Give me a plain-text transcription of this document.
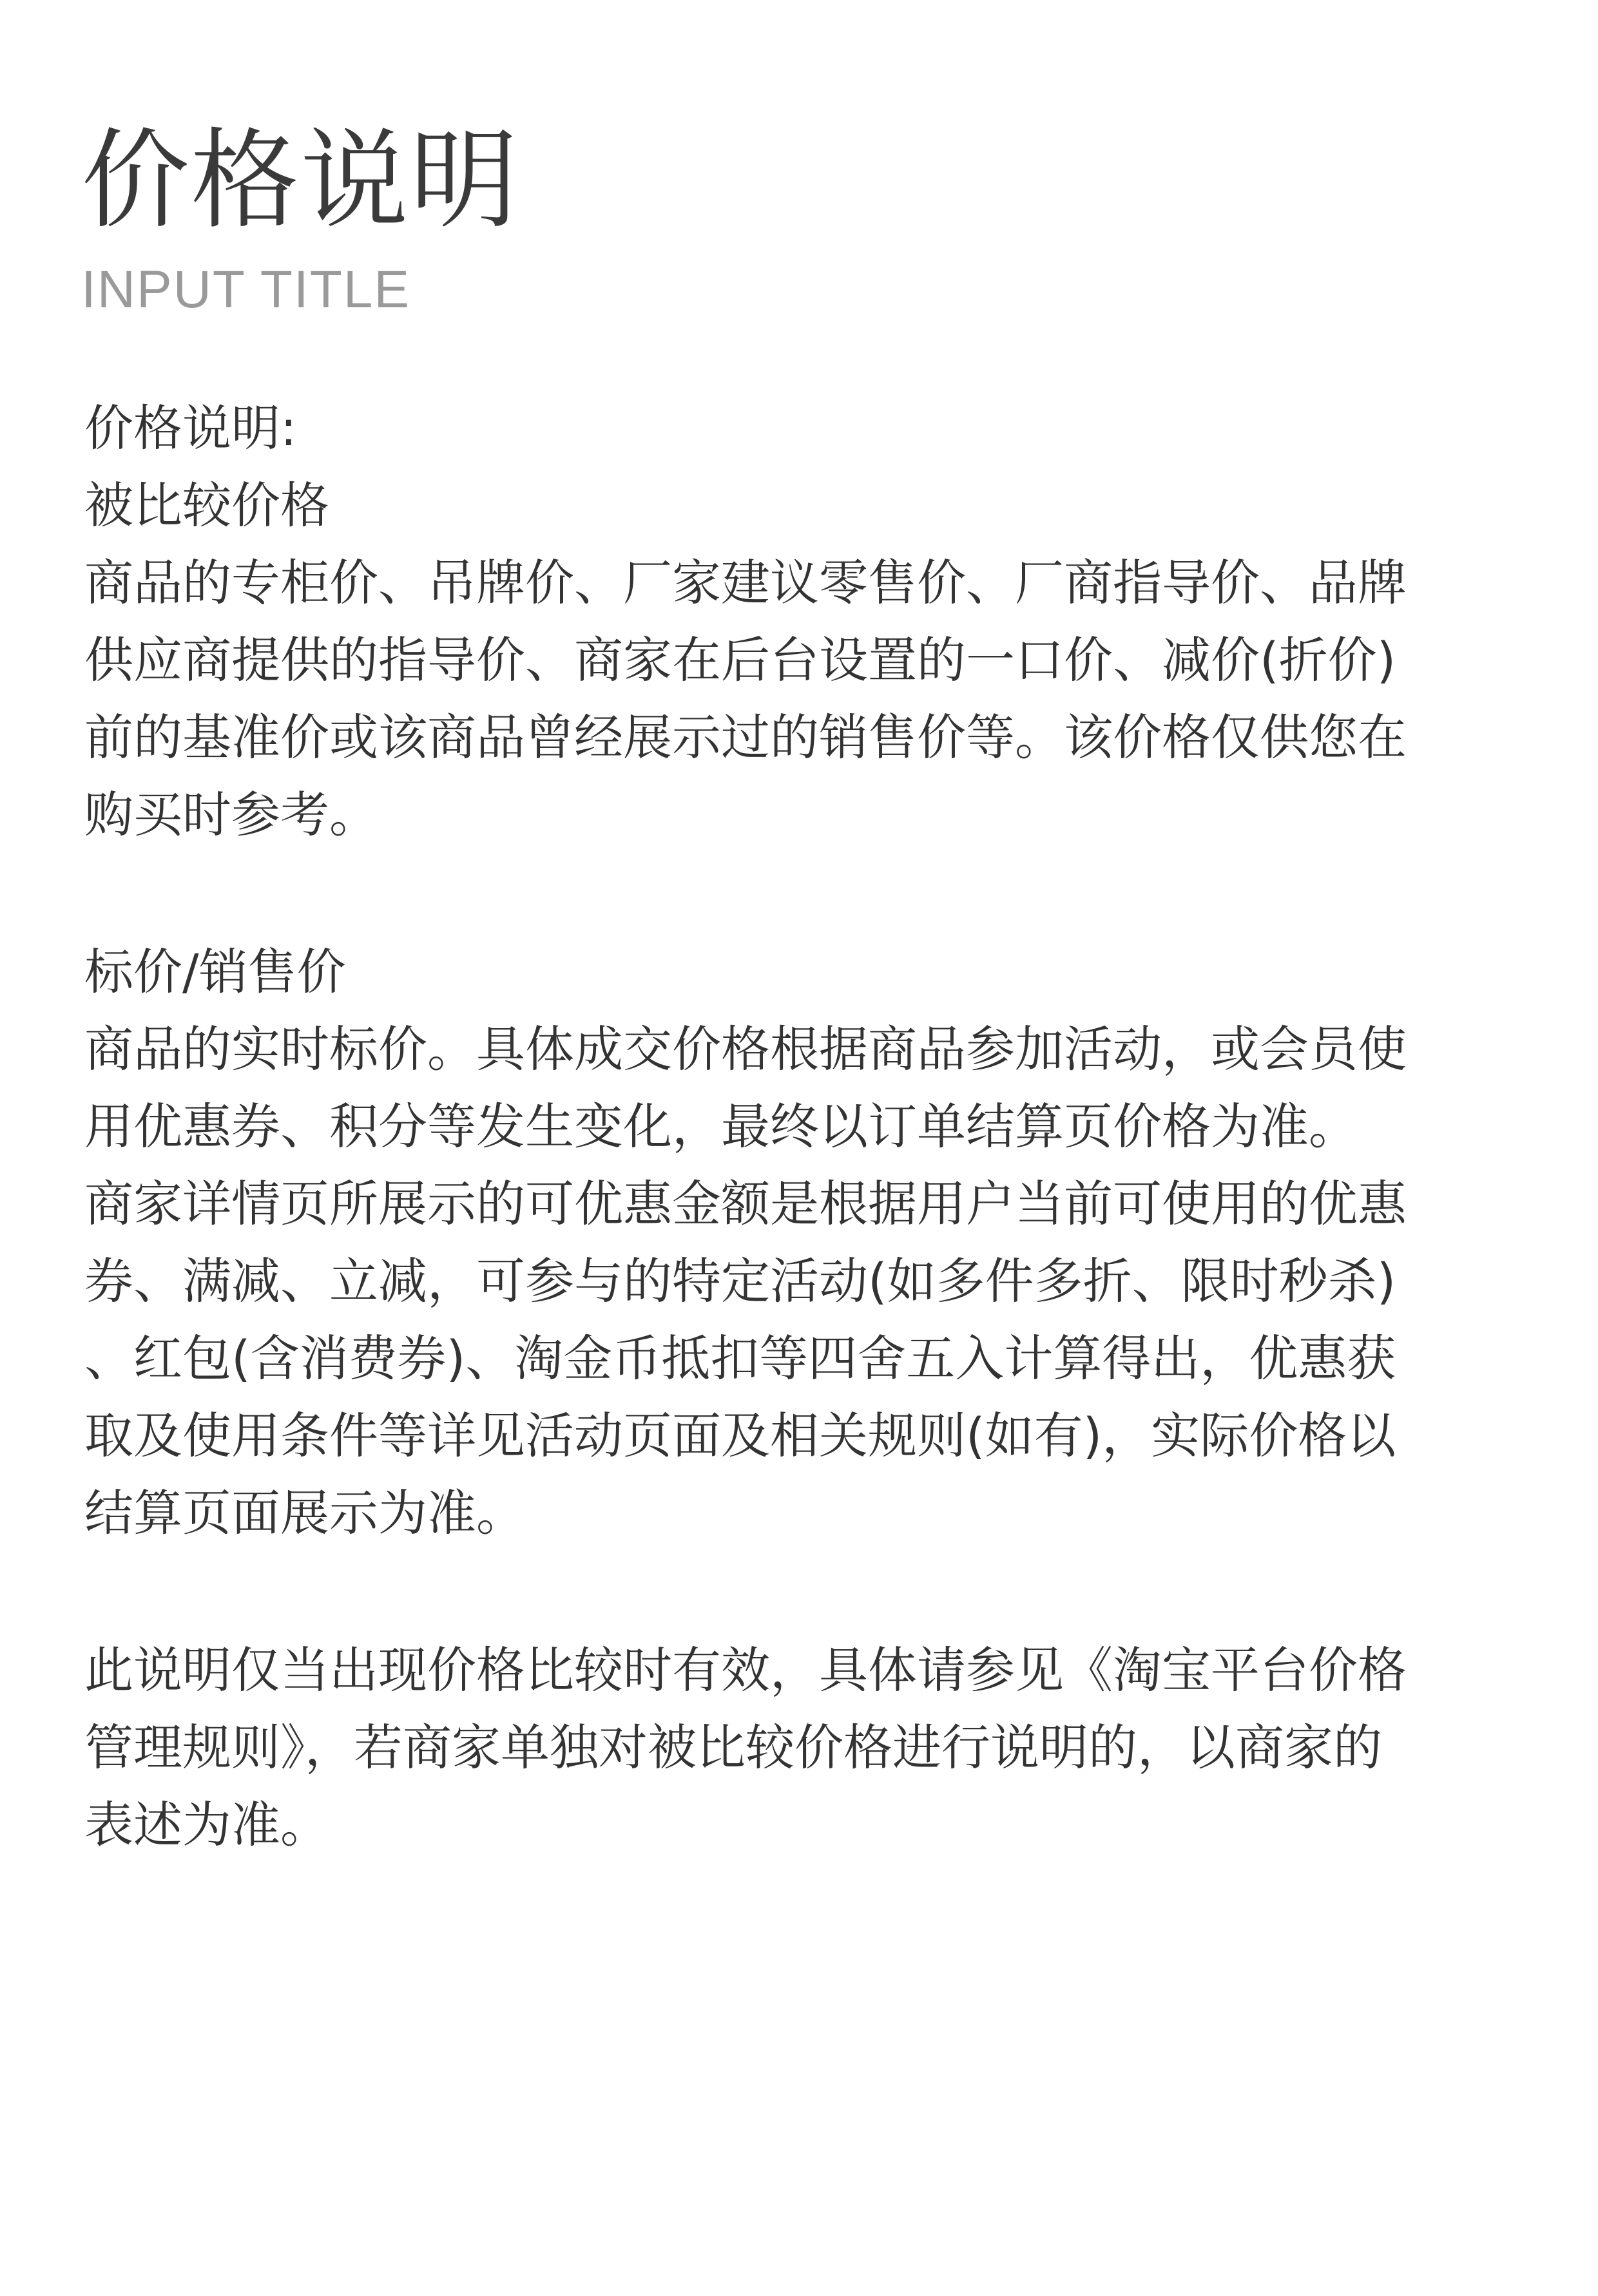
价格说明
INPUT TITLE
价格说明:
被比较价格
商品的专柜价、吊牌价、厂家建议零售价、厂商指导价、品牌
供应商提供的指导价、商家在后台设置的一口价、减价(折价)
前的基准价或该商品曾经展示过的销售价等。该价格仅供您在
购买时参考。
标价/销售价
商品的实时标价。具体成交价格根据商品参加活动，或会员使
用优惠券、积分等发生变化，最终以订单结算页价格为准。
商家详情页所展示的可优惠金额是根据用户当前可使用的优惠
券、满减、立减，可参与的特定活动(如多件多折、限时秒杀)
、红包(含消费券)、淘金币抵扣等四舍五入计算得出，优惠获
取及使用条件等详见活动页面及相关规则(如有)，实际价格以
结算页面展示为准。
此说明仅当出现价格比较时有效，具体请参见《淘宝平台价格
管理规则》，若商家单独对被比较价格进行说明的，以商家的
表述为准。
